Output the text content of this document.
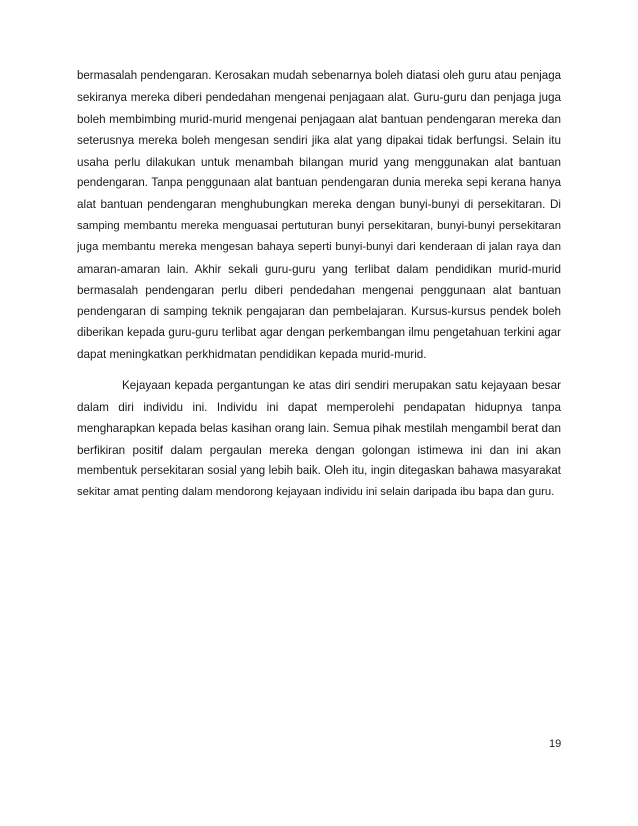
bermasalah pendengaran. Kerosakan mudah sebenarnya boleh diatasi oleh guru atau penjaga
sekiranya mereka diberi pendedahan mengenai penjagaan alat. Guru-guru dan penjaga juga
boleh membimbing murid-murid mengenai penjagaan alat bantuan pendengaran mereka dan
seterusnya mereka boleh mengesan sendiri jika alat yang dipakai tidak berfungsi. Selain itu
usaha perlu dilakukan untuk menambah bilangan murid yang menggunakan alat bantuan
pendengaran. Tanpa penggunaan alat bantuan pendengaran dunia mereka sepi kerana hanya
alat bantuan pendengaran menghubungkan mereka dengan bunyi-bunyi di persekitaran. Di
samping membantu mereka menguasai pertuturan bunyi persekitaran, bunyi-bunyi persekitaran
juga membantu mereka mengesan bahaya seperti bunyi-bunyi dari kenderaan di jalan raya dan
amaran-amaran lain. Akhir sekali guru-guru yang terlibat dalam pendidikan murid-murid
bermasalah pendengaran perlu diberi pendedahan mengenai penggunaan alat bantuan
pendengaran di samping teknik pengajaran dan pembelajaran. Kursus-kursus pendek boleh
diberikan kepada guru-guru terlibat agar dengan perkembangan ilmu pengetahuan terkini agar
dapat meningkatkan perkhidmatan pendidikan kepada murid-murid.
Kejayaan kepada pergantungan ke atas diri sendiri merupakan satu kejayaan besar
dalam diri individu ini. Individu ini dapat memperolehi pendapatan hidupnya tanpa
mengharapkan kepada belas kasihan orang lain. Semua pihak mestilah mengambil berat dan
berfikiran positif dalam pergaulan mereka dengan golongan istimewa ini dan ini akan
membentuk persekitaran sosial yang lebih baik. Oleh itu, ingin ditegaskan bahawa masyarakat
sekitar amat penting dalam mendorong kejayaan individu ini selain daripada ibu bapa dan guru.
19
